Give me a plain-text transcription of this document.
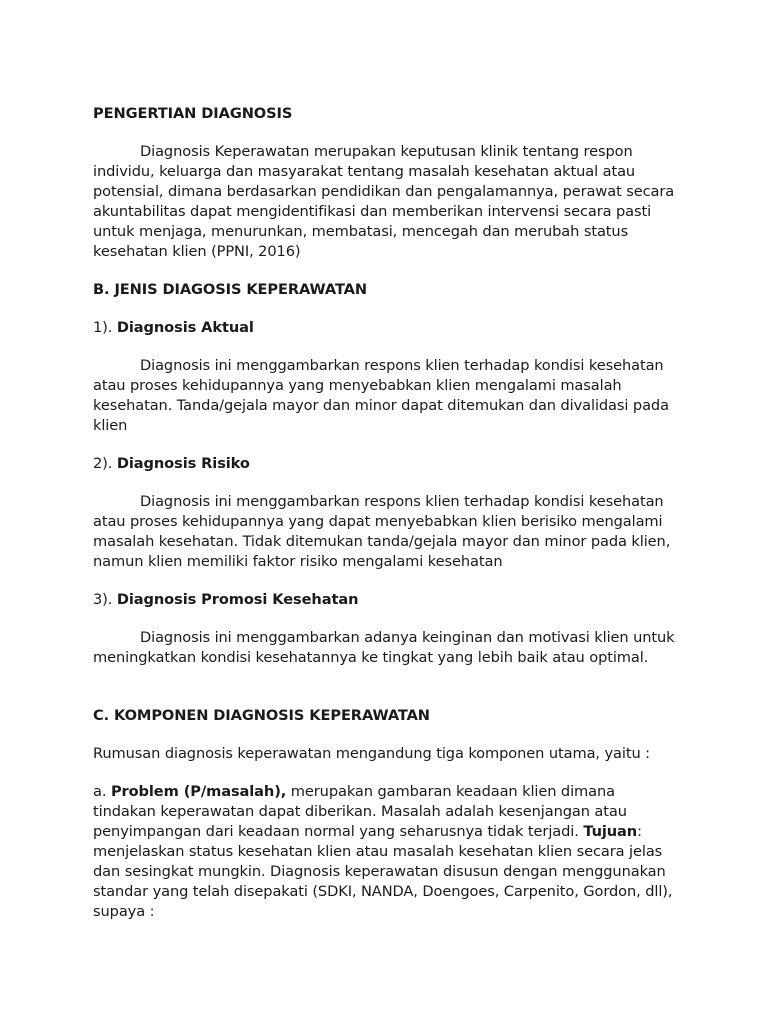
PENGERTIAN DIAGNOSIS

Diagnosis Keperawatan merupakan keputusan klinik tentang respon individu, keluarga dan masyarakat tentang masalah kesehatan aktual atau potensial, dimana berdasarkan pendidikan dan pengalamannya, perawat secara akuntabilitas dapat mengidentifikasi dan memberikan intervensi secara pasti untuk menjaga, menurunkan, membatasi, mencegah dan merubah status kesehatan klien (PPNI, 2016)

B. JENIS DIAGOSIS KEPERAWATAN

1). Diagnosis Aktual

Diagnosis ini menggambarkan respons klien terhadap kondisi kesehatan atau proses kehidupannya yang menyebabkan klien mengalami masalah kesehatan. Tanda/gejala mayor dan minor dapat ditemukan dan divalidasi pada klien

2). Diagnosis Risiko

Diagnosis ini menggambarkan respons klien terhadap kondisi kesehatan atau proses kehidupannya yang dapat menyebabkan klien berisiko mengalami masalah kesehatan. Tidak ditemukan tanda/gejala mayor dan minor pada klien, namun klien memiliki faktor risiko mengalami kesehatan

3). Diagnosis Promosi Kesehatan

Diagnosis ini menggambarkan adanya keinginan dan motivasi klien untuk meningkatkan kondisi kesehatannya ke tingkat yang lebih baik atau optimal.

C. KOMPONEN DIAGNOSIS KEPERAWATAN

Rumusan diagnosis keperawatan mengandung tiga komponen utama, yaitu :

a. Problem (P/masalah), merupakan gambaran keadaan klien dimana tindakan keperawatan dapat diberikan. Masalah adalah kesenjangan atau penyimpangan dari keadaan normal yang seharusnya tidak terjadi. Tujuan: menjelaskan status kesehatan klien atau masalah kesehatan klien secara jelas dan sesingkat mungkin. Diagnosis keperawatan disusun dengan menggunakan standar yang telah disepakati (SDKI, NANDA, Doengoes, Carpenito, Gordon, dll), supaya :
